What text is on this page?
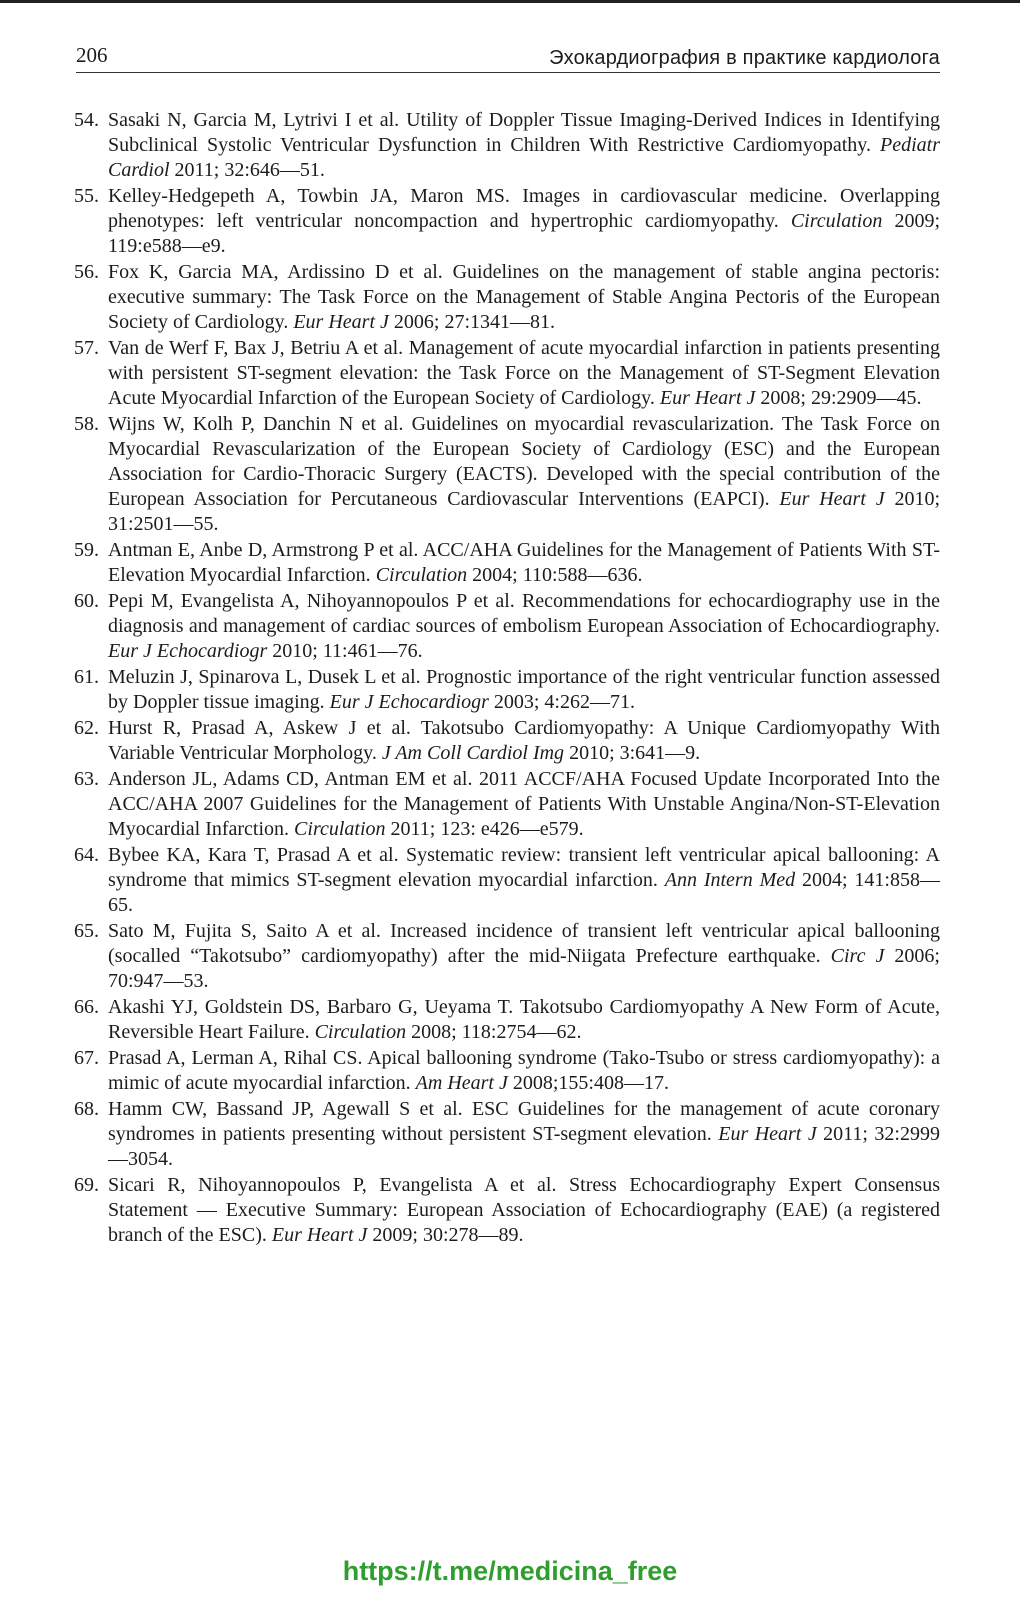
206	Эхокардиография в практике кардиолога

54. Sasaki N, Garcia M, Lytrivi I et al. Utility of Doppler Tissue Imaging-Derived Indices in Identifying Subclinical Systolic Ventricular Dysfunction in Children With Restrictive Cardiomyopathy. Pediatr Cardiol 2011; 32:646—51.

55. Kelley-Hedgepeth A, Towbin JA, Maron MS. Images in cardiovascular medicine. Overlapping phenotypes: left ventricular noncompaction and hypertrophic cardiomyopathy. Circulation 2009; 119:e588—e9.

56. Fox K, Garcia MA, Ardissino D et al. Guidelines on the management of stable angina pectoris: executive summary: The Task Force on the Management of Stable Angina Pectoris of the European Society of Cardiology. Eur Heart J 2006; 27:1341—81.

57. Van de Werf F, Bax J, Betriu A et al. Management of acute myocardial infarction in patients presenting with persistent ST-segment elevation: the Task Force on the Management of ST-Segment Elevation Acute Myocardial Infarction of the European Society of Cardiology. Eur Heart J 2008; 29:2909—45.

58. Wijns W, Kolh P, Danchin N et al. Guidelines on myocardial revascularization. The Task Force on Myocardial Revascularization of the European Society of Cardiology (ESC) and the European Association for Cardio-Thoracic Surgery (EACTS). Developed with the special contribution of the European Association for Percutaneous Cardiovascular Interventions (EAPCI). Eur Heart J 2010; 31:2501—55.

59. Antman E, Anbe D, Armstrong P et al. ACC/AHA Guidelines for the Management of Patients With ST-Elevation Myocardial Infarction. Circulation 2004; 110:588—636.

60. Pepi M, Evangelista A, Nihoyannopoulos P et al. Recommendations for echocardiography use in the diagnosis and management of cardiac sources of embolism European Association of Echocardiography. Eur J Echocardiogr 2010; 11:461—76.

61. Meluzin J, Spinarova L, Dusek L et al. Prognostic importance of the right ventricular function assessed by Doppler tissue imaging. Eur J Echocardiogr 2003; 4:262—71.

62. Hurst R, Prasad A, Askew J et al. Takotsubo Cardiomyopathy: A Unique Cardiomyopathy With Variable Ventricular Morphology. J Am Coll Cardiol Img 2010; 3:641—9.

63. Anderson JL, Adams CD, Antman EM et al. 2011 ACCF/AHA Focused Update Incorporated Into the ACC/AHA 2007 Guidelines for the Management of Patients With Unstable Angina/Non-ST-Elevation Myocardial Infarction. Circulation 2011; 123: e426—e579.

64. Bybee KA, Kara T, Prasad A et al. Systematic review: transient left ventricular apical ballooning: A syndrome that mimics ST-segment elevation myocardial infarction. Ann Intern Med 2004; 141:858—65.

65. Sato M, Fujita S, Saito A et al. Increased incidence of transient left ventricular apical ballooning (socalled “Takotsubo” cardiomyopathy) after the mid-Niigata Prefecture earthquake. Circ J 2006; 70:947—53.

66. Akashi YJ, Goldstein DS, Barbaro G, Ueyama T. Takotsubo Cardiomyopathy A New Form of Acute, Reversible Heart Failure. Circulation 2008; 118:2754—62.

67. Prasad A, Lerman A, Rihal CS. Apical ballooning syndrome (Tako-Tsubo or stress cardiomyopathy): a mimic of acute myocardial infarction. Am Heart J 2008;155:408—17.

68. Hamm CW, Bassand JP, Agewall S et al. ESC Guidelines for the management of acute coronary syndromes in patients presenting without persistent ST-segment elevation. Eur Heart J 2011; 32:2999—3054.

69. Sicari R, Nihoyannopoulos P, Evangelista A et al. Stress Echocardiography Expert Consensus Statement — Executive Summary: European Association of Echocardiography (EAE) (a registered branch of the ESC). Eur Heart J 2009; 30:278—89.

https://t.me/medicina_free
